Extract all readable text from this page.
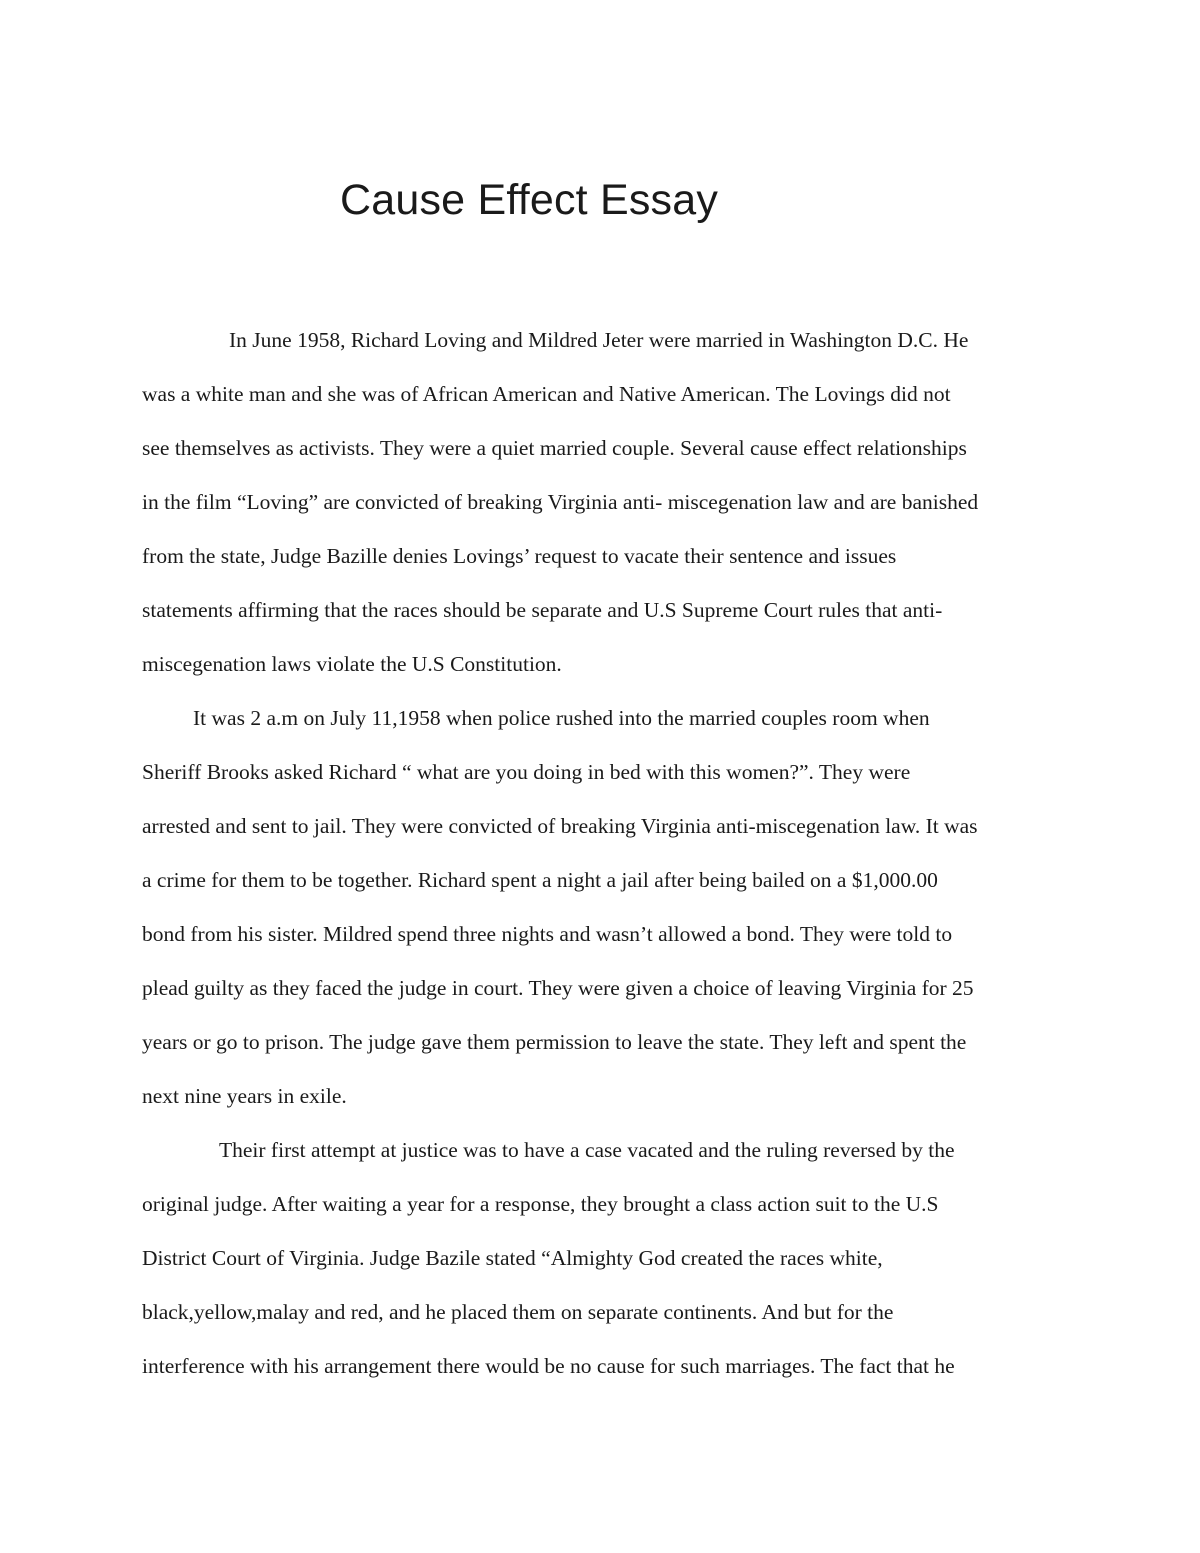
Cause Effect Essay
In June 1958, Richard Loving and Mildred Jeter were married in Washington D.C. He
was a white man and she was of African American and Native American. The Lovings did not
see themselves as activists. They were a quiet married couple. Several cause effect relationships
in the film “Loving” are convicted of breaking Virginia anti- miscegenation law and are banished
from the state, Judge Bazille denies Lovings’ request to vacate their sentence and issues
statements affirming that the races should be separate and U.S Supreme Court rules that anti-
miscegenation laws violate the U.S Constitution.
It was 2 a.m on July 11,1958 when police rushed into the married couples room when
Sheriff Brooks asked Richard “ what are you doing in bed with this women?”. They were
arrested and sent to jail. They were convicted of breaking Virginia anti-miscegenation law. It was
a crime for them to be together. Richard spent a night a jail after being bailed on a $1,000.00
bond from his sister. Mildred spend three nights and wasn’t allowed a bond. They were told to
plead guilty as they faced the judge in court. They were given a choice of leaving Virginia for 25
years or go to prison. The judge gave them permission to leave the state. They left and spent the
next nine years in exile.
Their first attempt at justice was to have a case vacated and the ruling reversed by the
original judge. After waiting a year for a response, they brought a class action suit to the U.S
District Court of Virginia. Judge Bazile stated “Almighty God created the races white,
black,yellow,malay and red, and he placed them on separate continents. And but for the
interference with his arrangement there would be no cause for such marriages. The fact that he
